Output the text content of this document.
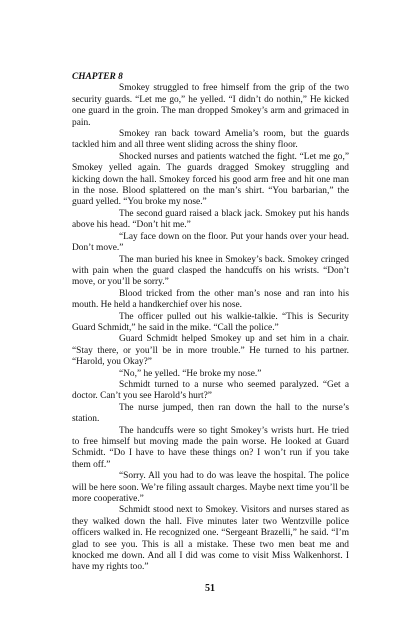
CHAPTER 8

Smokey struggled to free himself from the grip of the two security guards. “Let me go,” he yelled. “I didn’t do nothin,” He kicked one guard in the groin. The man dropped Smokey’s arm and grimaced in pain.

Smokey ran back toward Amelia’s room, but the guards tackled him and all three went sliding across the shiny floor.

Shocked nurses and patients watched the fight. “Let me go,” Smokey yelled again. The guards dragged Smokey struggling and kicking down the hall. Smokey forced his good arm free and hit one man in the nose. Blood splattered on the man’s shirt. “You barbarian,” the guard yelled. “You broke my nose.”

The second guard raised a black jack. Smokey put his hands above his head. “Don’t hit me.”

“Lay face down on the floor. Put your hands over your head. Don’t move.”

The man buried his knee in Smokey’s back. Smokey cringed with pain when the guard clasped the handcuffs on his wrists. “Don’t move, or you’ll be sorry.”

Blood tricked from the other man’s nose and ran into his mouth. He held a handkerchief over his nose.

The officer pulled out his walkie-talkie. “This is Security Guard Schmidt,” he said in the mike. “Call the police.”

Guard Schmidt helped Smokey up and set him in a chair. “Stay there, or you’ll be in more trouble.” He turned to his partner. “Harold, you Okay?”

“No,” he yelled. “He broke my nose.”

Schmidt turned to a nurse who seemed paralyzed. “Get a doctor. Can’t you see Harold’s hurt?”

The nurse jumped, then ran down the hall to the nurse’s station.

The handcuffs were so tight Smokey’s wrists hurt. He tried to free himself but moving made the pain worse. He looked at Guard Schmidt. “Do I have to have these things on? I won’t run if you take them off.”

“Sorry. All you had to do was leave the hospital. The police will be here soon. We’re filing assault charges. Maybe next time you’ll be more cooperative.”

Schmidt stood next to Smokey. Visitors and nurses stared as they walked down the hall. Five minutes later two Wentzville police officers walked in. He recognized one. “Sergeant Brazelli,” he said. “I’m glad to see you. This is all a mistake. These two men beat me and knocked me down. And all I did was come to visit Miss Walkenhorst. I have my rights too.”

51
